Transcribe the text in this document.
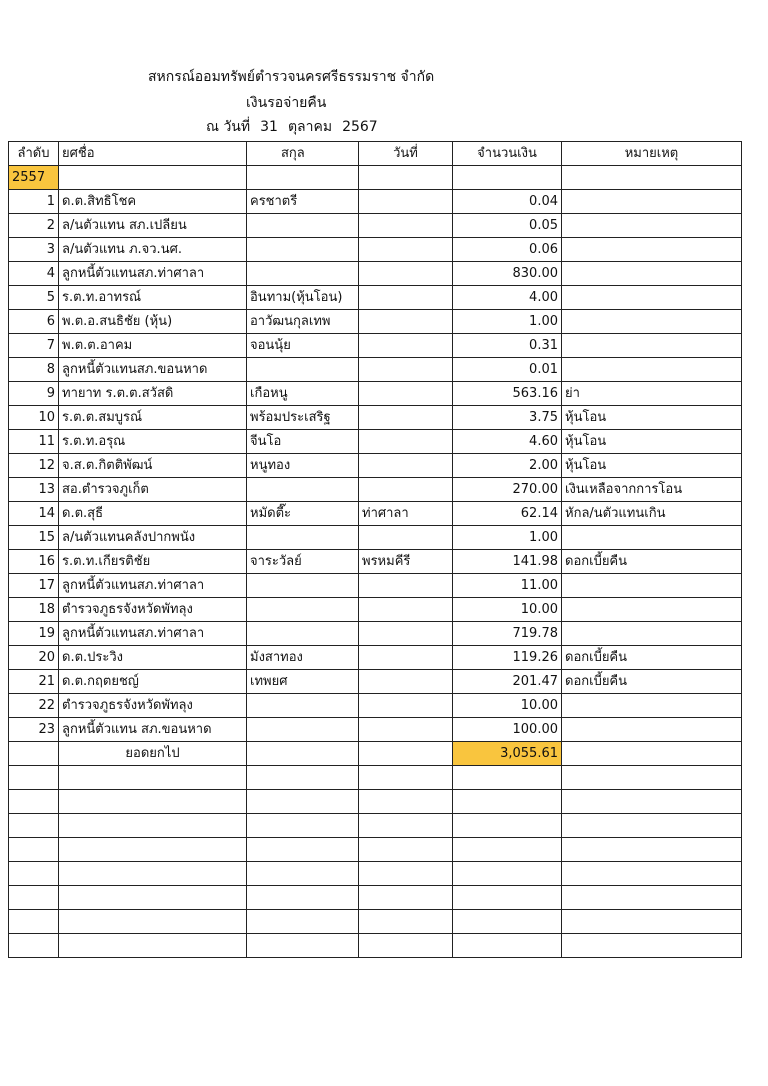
สหกรณ์ออมทรัพย์ตำรวจนครศรีธรรมราช จำกัด
เงินรอจ่ายคืน
ณ วันที่ 31 ตุลาคม 2567
ลำดับ	ยศชื่อ	สกุล	วันที่	จำนวนเงิน	หมายเหตุ
2557					
1	ด.ต.สิทธิโชค	ครชาตรี		0.04	
2	ล/นตัวแทน สภ.เปลียน			0.05	
3	ล/นตัวแทน ภ.จว.นศ.			0.06	
4	ลูกหนี้ตัวแทนสภ.ท่าศาลา			830.00	
5	ร.ต.ท.อาทรณ์	อินทาม(หุ้นโอน)		4.00	
6	พ.ต.อ.สนธิชัย (หุ้น)	อาวัฒนกุลเทพ		1.00	
7	พ.ต.ต.อาคม	จอนนุ้ย		0.31	
8	ลูกหนี้ตัวแทนสภ.ขอนหาด			0.01	
9	ทายาท ร.ต.ต.สวัสดิ	เกือหนู		563.16	ย่า
10	ร.ต.ต.สมบูรณ์	พร้อมประเสริฐ		3.75	หุ้นโอน
11	ร.ต.ท.อรุณ	จีนโอ		4.60	หุ้นโอน
12	จ.ส.ต.กิตติพัฒน์	หนูทอง		2.00	หุ้นโอน
13	สอ.ตำรวจภูเก็ต			270.00	เงินเหลือจากการโอน
14	ด.ต.สุธี	หมัดตี๊ะ	ท่าศาลา	62.14	หักล/นตัวแทนเกิน
15	ล/นตัวแทนคลังปากพนัง			1.00	
16	ร.ต.ท.เกียรติชัย	จาระวัลย์	พรหมคีรี	141.98	ดอกเบี้ยคืน
17	ลูกหนี้ตัวแทนสภ.ท่าศาลา			11.00	
18	ตำรวจภูธรจังหวัดพัทลุง			10.00	
19	ลูกหนี้ตัวแทนสภ.ท่าศาลา			719.78	
20	ด.ต.ประวิง	มังสาทอง		119.26	ดอกเบี้ยคืน
21	ด.ต.กฤตยชญ์	เทพยศ		201.47	ดอกเบี้ยคืน
22	ตำรวจภูธรจังหวัดพัทลุง			10.00	
23	ลูกหนี้ตัวแทน สภ.ขอนหาด			100.00	
	ยอดยกไป			3,055.61	
